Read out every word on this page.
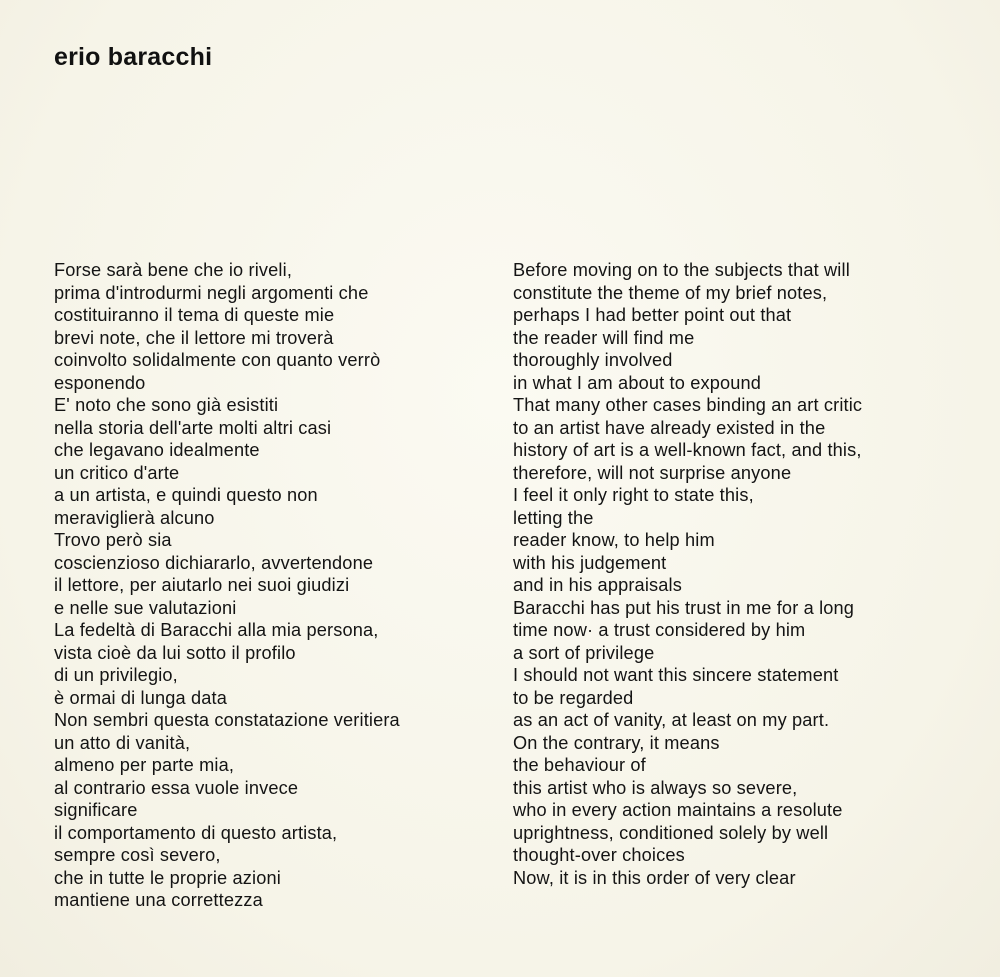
erio baracchi
Forse sarà bene che io riveli,
prima d'introdurmi negli argomenti che
costituiranno il tema di queste mie
brevi note, che il lettore mi troverà
coinvolto solidalmente con quanto verrò
esponendo
E' noto che sono già esistiti
nella storia dell'arte molti altri casi
che legavano idealmente
un critico d'arte
a un artista, e quindi questo non
meraviglierà alcuno
Trovo però sia
coscienzioso dichiararlo, avvertendone
il lettore, per aiutarlo nei suoi giudizi
e nelle sue valutazioni
La fedeltà di Baracchi alla mia persona,
vista cioè da lui sotto il profilo
di un privilegio,
è ormai di lunga data
Non sembri questa constatazione veritiera
un atto di vanità,
almeno per parte mia,
al contrario essa vuole invece
significare
il comportamento di questo artista,
sempre così severo,
che in tutte le proprie azioni
mantiene una correttezza
Before moving on to the subjects that will
constitute the theme of my brief notes,
perhaps I had better point out that
the reader will find me
thoroughly involved
in what I am about to expound
That many other cases binding an art critic
to an artist have already existed in the
history of art is a well-known fact, and this,
therefore, will not surprise anyone
I feel it only right to state this,
letting the
reader know, to help him
with his judgement
and in his appraisals
Baracchi has put his trust in me for a long
time now· a trust considered by him
a sort of privilege
I should not want this sincere statement
to be regarded
as an act of vanity, at least on my part.
On the contrary, it means
the behaviour of
this artist who is always so severe,
who in every action maintains a resolute
uprightness, conditioned solely by well
thought-over choices
Now, it is in this order of very clear
